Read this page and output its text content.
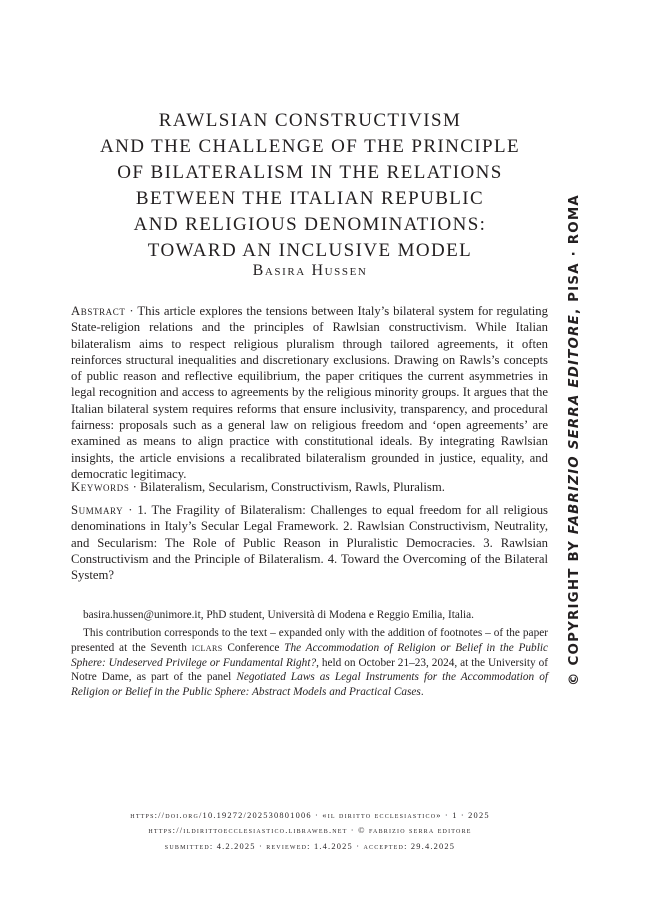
RAWLSIAN CONSTRUCTIVISM
AND THE CHALLENGE OF THE PRINCIPLE
OF BILATERALISM IN THE RELATIONS
BETWEEN THE ITALIAN REPUBLIC
AND RELIGIOUS DENOMINATIONS:
TOWARD AN INCLUSIVE MODEL
Basira Hussen
Abstract · This article explores the tensions between Italy’s bilateral system for regulating State-religion relations and the principles of Rawlsian constructivism. While Italian bilateralism aims to respect religious pluralism through tailored agreements, it often reinforces structural inequalities and discretionary exclusions. Drawing on Rawls’s concepts of public reason and reflective equilibrium, the paper critiques the current asymmetries in legal recognition and access to agreements by the religious minority groups. It argues that the Italian bilateral system requires reforms that ensure inclusivity, transparency, and procedural fairness: proposals such as a general law on religious freedom and ‘open agreements’ are examined as means to align practice with constitutional ideals. By integrating Rawlsian insights, the article envisions a recalibrated bilateralism grounded in justice, equality, and democratic legitimacy.
Keywords · Bilateralism, Secularism, Constructivism, Rawls, Pluralism.
Summary · 1. The Fragility of Bilateralism: Challenges to equal freedom for all religious denominations in Italy’s Secular Legal Framework. 2. Rawlsian Constructivism, Neutrality, and Secularism: The Role of Public Reason in Pluralistic Democracies. 3. Rawlsian Constructivism and the Principle of Bilateralism. 4. Toward the Overcoming of the Bilateral System?
basira.hussen@unimore.it, PhD student, Università di Modena e Reggio Emilia, Italia.
This contribution corresponds to the text – expanded only with the addition of footnotes – of the paper presented at the Seventh iclars Conference The Accommodation of Religion or Belief in the Public Sphere: Undeserved Privilege or Fundamental Right?, held on October 21–23, 2024, at the University of Notre Dame, as part of the panel Negotiated Laws as Legal Instruments for the Accommodation of Religion or Belief in the Public Sphere: Abstract Models and Practical Cases.
https://doi.org/10.19272/202530801006 · «il diritto ecclesiastico» · 1 · 2025
https://ildirittoecclesiastico.libraweb.net · © fabrizio serra editore
submitted: 4.2.2025 · reviewed: 1.4.2025 · accepted: 29.4.2025
© COPYRIGHT BY FABRIZIO SERRA EDITORE, PISA · ROMA
